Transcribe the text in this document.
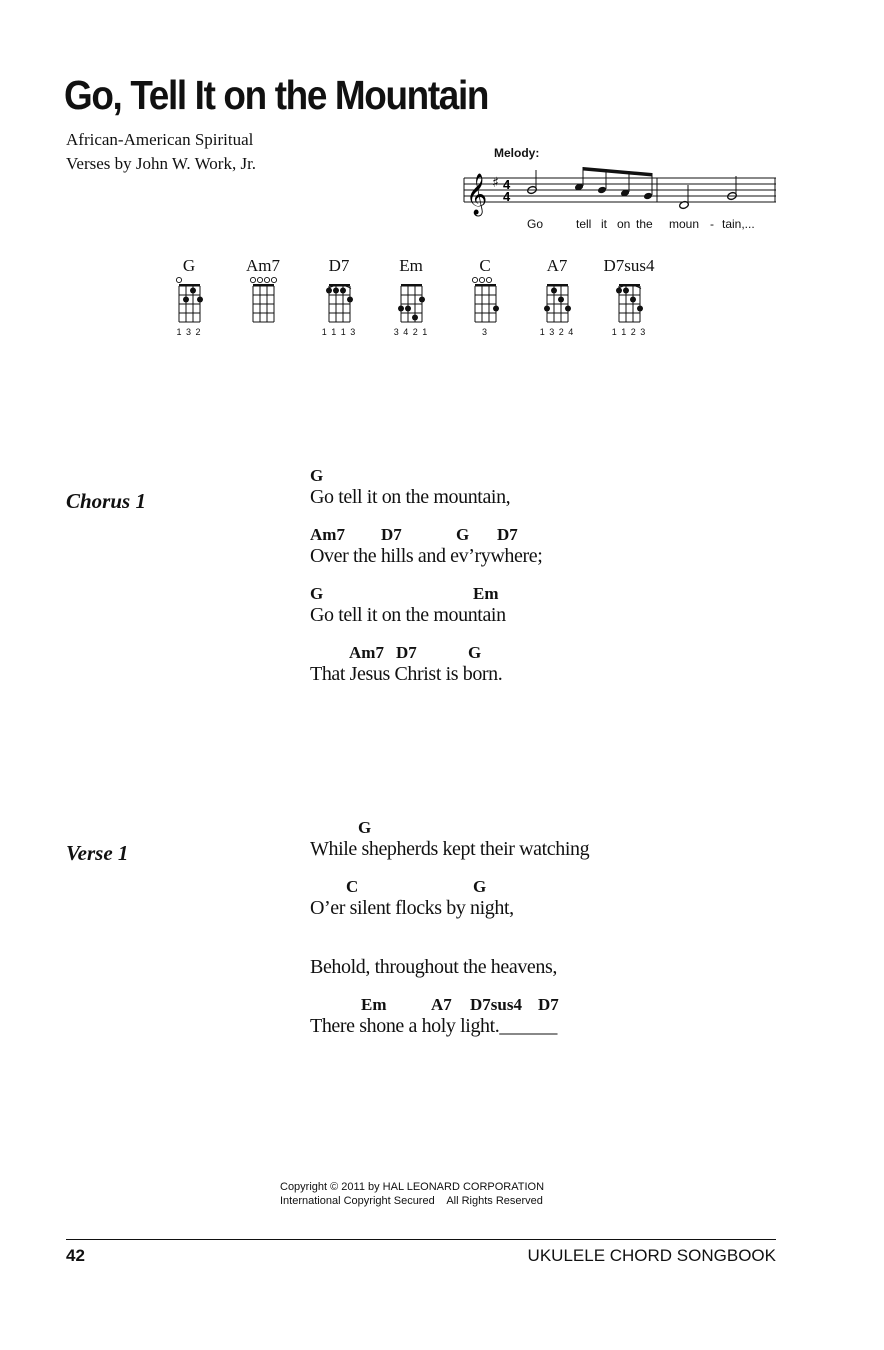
Go, Tell It on the Mountain
African-American Spiritual
Verses by John W. Work, Jr.
Melody:
𝄞 ♯ 4
4
Go	tell it on the moun - tain,...
G
1 3 2
Am7	D7
1 1 1 3
Em
3 4 2 1
C
3
A7
1 3 2 4
D7sus4
1 1 2 3
Chorus 1
G
Go tell it on the mountain,
Am7 D7	G D7
Over the hills and ev’rywhere;
G	Em
Go tell it on the mountain
Am7 D7	G
That Jesus Christ is born.
Verse 1
G
While shepherds kept their watching
C	G
O’er silent flocks by night,
Behold, throughout the heavens,
Em	A7 D7sus4 D7
There shone a holy light.______
Copyright © 2011 by HAL LEONARD CORPORATION
International Copyright Secured    All Rights Reserved
42	UKULELE CHORD SONGBOOK
